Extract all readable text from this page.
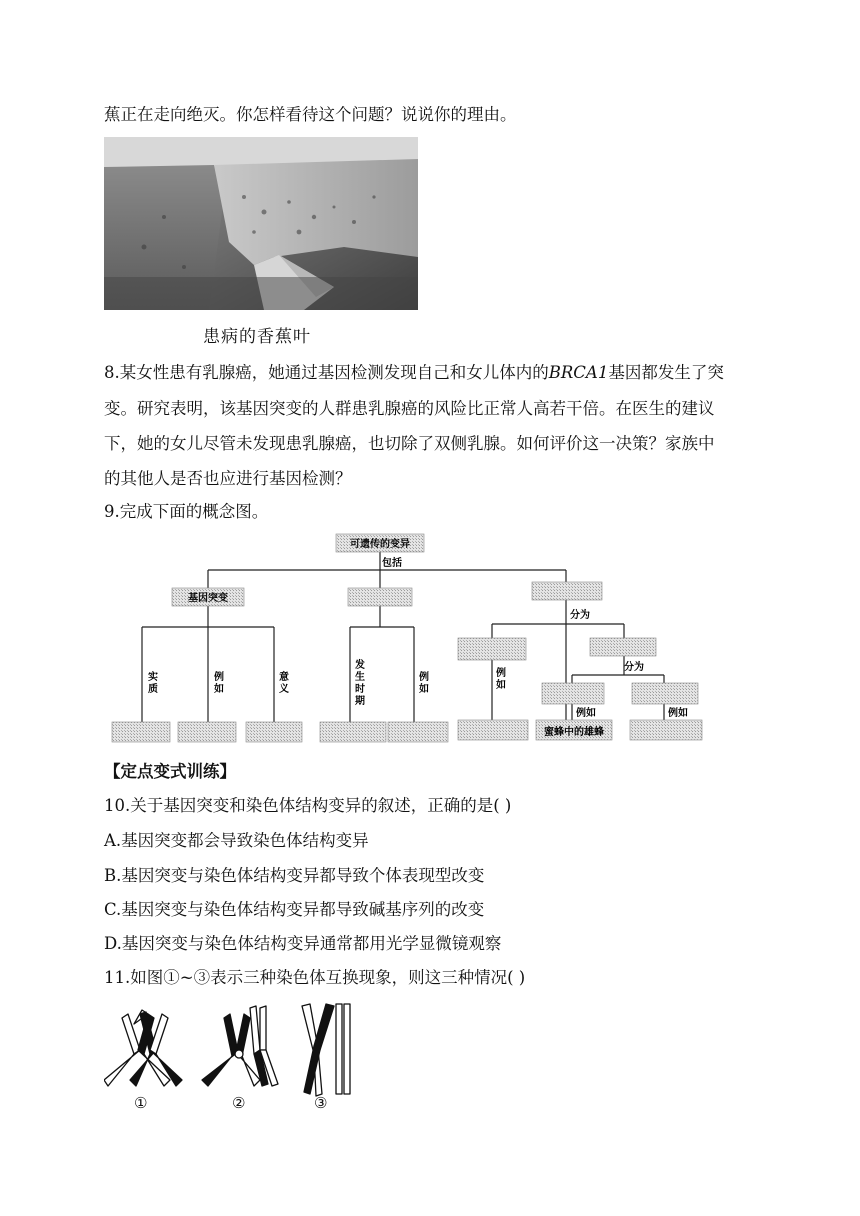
蕉正在走向绝灭。你怎样看待这个问题？说说你的理由。
患病的香蕉叶
8.某女性患有乳腺癌，她通过基因检测发现自己和女儿体内的BRCA1基因都发生了突
变。研究表明，该基因突变的人群患乳腺癌的风险比正常人高若干倍。在医生的建议
下，她的女儿尽管未发现患乳腺癌，也切除了双侧乳腺。如何评价这一决策？家族中
的其他人是否也应进行基因检测？
9.完成下面的概念图。
可遗传的变异
基因突变
蜜蜂中的雄蜂
包括
分为
分为
例如	例如
实
质
例
如
意
义
发
生
时
期
例
如
例
如
【定点变式训练】
10.关于基因突变和染色体结构变异的叙述，正确的是( )
A.基因突变都会导致染色体结构变异
B.基因突变与染色体结构变异都导致个体表现型改变
C.基因突变与染色体结构变异都导致碱基序列的改变
D.基因突变与染色体结构变异通常都用光学显微镜观察
11.如图①~③表示三种染色体互换现象，则这三种情况( )
①	②	③
